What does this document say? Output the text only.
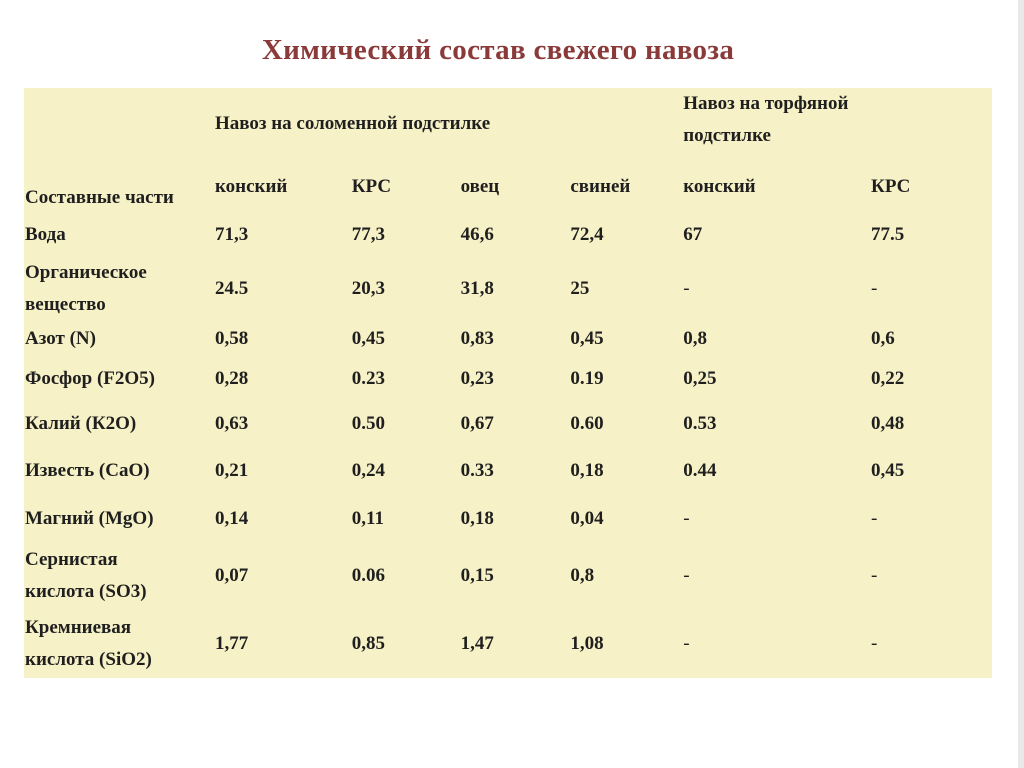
Химический состав свежего навоза
Составные части	Навоз на соломенной подстилке				Навоз на торфяной подстилке	

	конский	КРС	овец	свиней	конский	КРС
Вода	71,3	77,3	46,6	72,4	67	77.5

Органическое вещество	24.5	20,3	31,8	25	-	-
Азот (N)	0,58	0,45	0,83	0,45	0,8	0,6
Фосфор (F2O5)	0,28	0.23	0,23	0.19	0,25	0,22
Калий (К2О)	0,63	0.50	0,67	0.60	0.53	0,48
Известь (CaO)	0,21	0,24	0.33	0,18	0.44	0,45
Магний (MgO)	0,14	0,11	0,18	0,04	-	-

Сернистая кислота (SO3)	0,07	0.06	0,15	0,8	-	-

Кремниевая кислота (SiO2)	1,77	0,85	1,47	1,08	-	-
